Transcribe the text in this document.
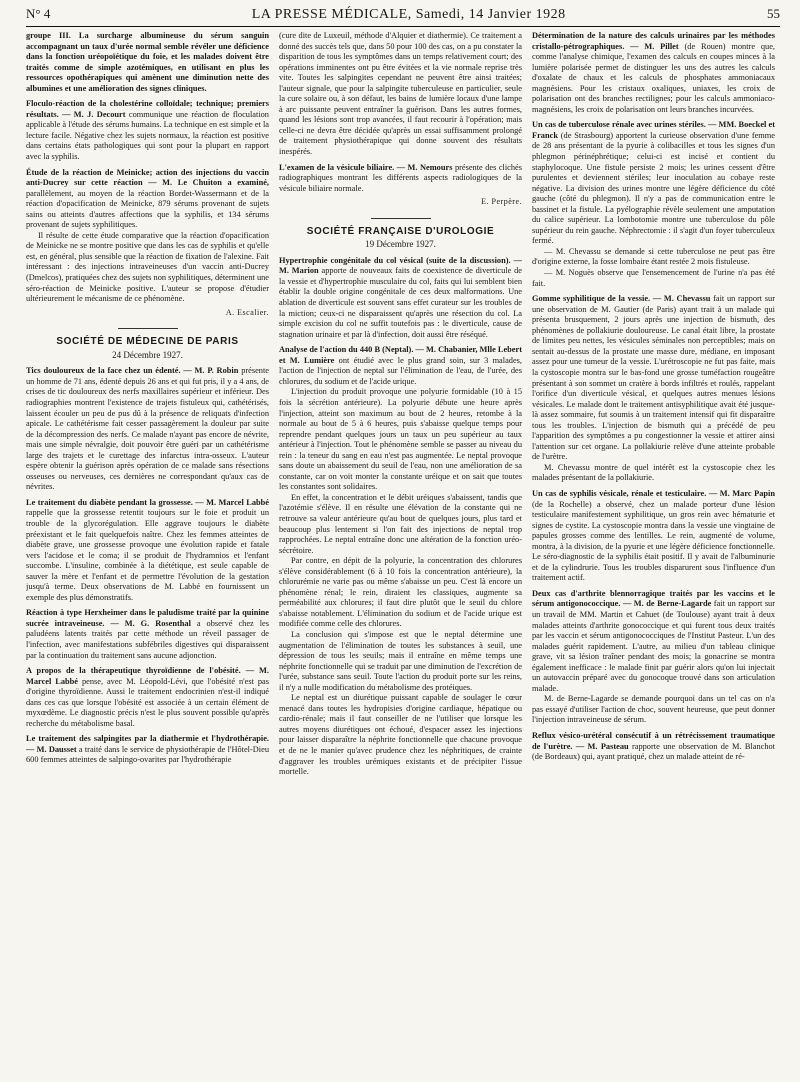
N° 4	LA PRESSE MÉDICALE, Samedi, 14 Janvier 1928	55

groupe III. La surcharge albumineuse du sérum sanguin accompagnant un taux d'urée normal semble révéler une déficience dans la fonction uréopoïétique du foie, et les malades doivent être traités comme de simple azotémiques, en utilisant en plus les ressources opothérapiques qui amènent une diminution nette des albumines et une amélioration des signes cliniques.

Floculo-réaction de la cholestérine colloïdale; technique; premiers résultats. — M. J. Decourt communique une réaction de floculation applicable à l'étude des sérums humains. La technique en est simple et la lecture facile. Négative chez les sujets normaux, la réaction est positive dans certains états pathologiques qui sont pour la plupart en rapport avec la syphilis.

Étude de la réaction de Meinicke; action des injections du vaccin anti-Ducrey sur cette réaction — M. Le Chuiton a examiné, parallèlement, au moyen de la réaction Bordet-Wassermann et de la réaction d'opacification de Meinicke, 879 sérums provenant de sujets sains ou atteints d'autres affections que la syphilis, et 134 sérums provenant de sujets syphilitiques.

Il résulte de cette étude comparative que la réaction d'opacification de Meinicke ne se montre positive que dans les cas de syphilis et qu'elle est, en général, plus sensible que la réaction de fixation de l'alexine. Fait intéressant : des injections intraveineuses d'un vaccin anti-Ducrey (Dmelcos), pratiquées chez des sujets non syphilitiques, déterminent une séro-réaction de Meinicke positive. L'auteur se propose d'étudier ultérieurement le mécanisme de ce phénomène.

A. Escalier.
SOCIÉTÉ DE MÉDECINE DE PARIS
24 Décembre 1927.

Tics douloureux de la face chez un édenté. — M. P. Robin présente un homme de 71 ans, édenté depuis 26 ans et qui fut pris, il y a 4 ans, de crises de tic douloureux des nerfs maxillaires supérieur et inférieur. Des radiographies montrent l'existence de trajets fistuleux qui, cathétérisés, laissent écouler un peu de pus dû à la présence de reliquats d'infection apicale. Le cathétérisme fait cesser passagèrement la douleur par suite de la décompression des nerfs. Ce malade n'ayant pas encore de névrite, mais une simple névralgie, doit pouvoir être guéri par un cathétérisme large des trajets et le curettage des infarctus intra-osseux. L'auteur espère obtenir la guérison après opération de ce malade sans résections osseuses ou nerveuses, ces dernières ne correspondant qu'aux cas de névrites.

Le traitement du diabète pendant la grossesse. — M. Marcel Labbé rappelle que la grossesse retentit toujours sur le foie et produit un trouble de la glycorégulation. Elle aggrave toujours le diabète préexistant et le fait quelquefois naître. Chez les femmes atteintes de diabète grave, une grossesse provoque une évolution rapide et fatale vers l'acidose et le coma; il se produit de l'hydramnios et l'enfant succombe. L'insuline, combinée à la diététique, est seule capable de sauver la mère et l'enfant et de permettre l'évolution de la gestation jusqu'à terme. Deux observations de M. Labbé en fournissent un exemple des plus démonstratifs.

Réaction à type Herxheimer dans le paludisme traité par la quinine sucrée intraveineuse. — M. G. Rosenthal a observé chez les paludéens latents traités par cette méthode un réveil passager de l'infection, avec manifestations subfébriles digestives qui disparaissent par la continuation du traitement sans aucune adjonction.

A propos de la thérapeutique thyroïdienne de l'obésité. — M. Marcel Labbé pense, avec M. Léopold-Lévi, que l'obésité n'est pas d'origine thyroïdienne. Aussi le traitement endocrinien n'est-il indiqué dans ces cas que lorsque l'obésité est associée à un certain élément de myxœdème. Le diagnostic précis n'est le plus souvent possible qu'après recherche du métabolisme basal.

Le traitement des salpingites par la diathermie et l'hydrothérapie. — M. Dausset a traité dans le service de physiothérapie de l'Hôtel-Dieu 600 femmes atteintes de salpingo-ovarites par l'hydrothérapie

(cure dite de Luxeuil, méthode d'Alquier et diathermie). Ce traitement a donné des succès tels que, dans 50 pour 100 des cas, on a pu constater la disparition de tous les symptômes dans un temps relativement court; des opérations imminentes ont pu être évitées et la vie normale reprise très vite. Toutes les salpingites cependant ne peuvent être ainsi traitées; l'auteur signale, que pour la salpingite tuberculeuse en particulier, seule la cure solaire ou, à son défaut, les bains de lumière locaux d'une lampe à arc puissante peuvent entraîner la guérison. Dans les autres formes, quand les lésions sont trop avancées, il faut recourir à l'opération; mais celle-ci ne devra être décidée qu'après un essai suffisamment prolongé de traitement physiothérapique qui donne souvent des résultats inespérés.

L'examen de la vésicule biliaire. — M. Nemours présente des clichés radiographiques montrant les différents aspects radiologiques de la vésicule biliaire normale.

E. Perpère.
SOCIÉTÉ FRANÇAISE D'UROLOGIE
19 Décembre 1927.

Hypertrophie congénitale du col vésical (suite de la discussion). — M. Marion apporte de nouveaux faits de coexistence de diverticule de la vessie et d'hypertrophie musculaire du col, faits qui lui semblent bien établir la double origine congénitale de ces deux malformations. Une ablation de diverticule est souvent sans effet curateur sur les troubles de la miction; ceux-ci ne disparaissent qu'après une résection du col. La simple excision du col ne suffit toutefois pas : le diverticule, cause de stagnation urinaire et par là d'infection, doit aussi être réséqué.

Analyse de l'action du 440 B (Neptal). — M. Chabanier, Mlle Lebert et M. Lumière ont étudié avec le plus grand soin, sur 3 malades, l'action de l'injection de neptal sur l'élimination de l'eau, de l'urée, des chlorures, du sodium et de l'acide urique.

L'injection du produit provoque une polyurie formidable (10 à 15 fois la sécrétion antérieure). La polyurie débute une heure après l'injection, atteint son maximum au bout de 2 heures, retombe à la normale au bout de 5 à 6 heures, puis s'abaisse quelque temps pour reprendre pendant quelques jours un taux un peu supérieur au taux antérieur à l'injection. Tout le phénomène semble se passer au niveau du rein : la teneur du sang en eau n'est pas augmentée. Le neptal provoque sans doute un abaissement du seuil de l'eau, non une amélioration de sa constante, car on voit monter la constante uréique et on sait que toutes les constantes sont solidaires.

En effet, la concentration et le débit uréiques s'abaissent, tandis que l'azotémie s'élève. Il en résulte une élévation de la constante qui ne retrouve sa valeur antérieure qu'au bout de quelques jours, plus tard et beaucoup plus lentement si l'on fait des injections de neptal trop rapprochées. Le neptal entraîne donc une altération de la fonction uréo-sécrétoire.

Par contre, en dépit de la polyurie, la concentration des chlorures s'élève considérablement (6 à 10 fois la concentration antérieure), la chlorurémie ne varie pas ou même s'abaisse un peu. C'est là encore un phénomène rénal; le rein, diraient les classiques, augmente sa perméabilité aux chlorures; il faut dire plutôt que le seuil du chlore s'abaisse notablement. L'élimination du sodium et de l'acide urique est modifiée comme celle des chlorures.

La conclusion qui s'impose est que le neptal détermine une augmentation de l'élimination de toutes les substances à seuil, une dépression de tous les seuils; mais il entraîne en même temps une néphrite fonctionnelle qui se traduit par une diminution de l'excrétion de l'urée, substance sans seuil. Toute l'action du produit porte sur les reins, il n'y a nulle modification du métabolisme des protéiques.

Le neptal est un diurétique puissant capable de soulager le cœur menacé dans toutes les hydropisies d'origine cardiaque, hépatique ou cardio-rénale; mais il faut conseiller de ne l'utiliser que lorsque les autres moyens diurétiques ont échoué, d'espacer assez les injections pour laisser disparaître la néphrite fonctionnelle que chacune provoque et de ne le manier qu'avec prudence chez les néphritiques, de crainte d'aggraver les troubles urémiques existants et de précipiter l'issue mortelle.

Détermination de la nature des calculs urinaires par les méthodes cristallo-pétrographiques. — M. Pillet (de Rouen) montre que, comme l'analyse chimique, l'examen des calculs en coupes minces à la lumière polarisée permet de distinguer les uns des autres les calculs d'oxalate de chaux et les calculs de phosphates ammoniacaux magnésiens. Pour les cristaux oxaliques, uniaxes, les croix de polarisation ont des branches rectilignes; pour les calculs ammoniaco-magnésiens, les croix de polarisation ont leurs branches incurvées.

Un cas de tuberculose rénale avec urines stériles. — MM. Boeckel et Franck (de Strasbourg) apportent la curieuse observation d'une femme de 28 ans présentant de la pyurie à colibacilles et tous les signes d'un phlegmon périnéphrétique; celui-ci est incisé et contient du staphylocoque. Une fistule persiste 2 mois; les urines cessent d'être purulentes et deviennent stériles; leur inoculation au cobaye reste négative. La division des urines montre une légère déficience du côté gauche (côté du phlegmon). Il n'y a pas de communication entre le bassinet et la fistule. La pyélographie révèle seulement une amputation du calice supérieur. La lombotomie montre une tuberculose du pôle supérieur du rein gauche. Néphrectomie : il s'agit d'un foyer tuberculeux fermé.

— M. Chevassu se demande si cette tuberculose ne peut pas être d'origine externe, la fosse lombaire étant restée 2 mois fistuleuse.

— M. Noguès observe que l'ensemencement de l'urine n'a pas été fait.

Gomme syphilitique de la vessie. — M. Chevassu fait un rapport sur une observation de M. Gautier (de Paris) ayant trait à un malade qui présenta brusquement, 2 jours après une injection de bismuth, des phénomènes de pollakiurie douloureuse. Le canal était libre, la prostate de limites peu nettes, les vésicules séminales non perceptibles; mais on sentait au-dessus de la prostate une masse dure, médiane, en imposant assez pour une tumeur de la vessie. L'urétroscopie ne fut pas faite, mais la cystoscopie montra sur le bas-fond une grosse tuméfaction rougeâtre présentant à son sommet un cratère à bords infiltrés et roulés, rappelant l'orifice d'un diverticule vésical, et quelques autres menues lésions vésicales. Le malade dont le traitement antisyphilitique avait été jusque-là assez sommaire, fut soumis à un traitement intensif qui fit disparaître tous les troubles. L'injection de bismuth qui a précédé de peu l'apparition des symptômes a pu congestionner la vessie et attirer ainsi l'attention sur cet organe. La pollakiurie relève d'une atteinte probable de l'urètre.

M. Chevassu montre de quel intérêt est la cystoscopie chez les malades présentant de la pollakiurie.

Un cas de syphilis vésicale, rénale et testiculaire. — M. Marc Papin (de la Rochelle) a observé, chez un malade porteur d'une lésion testiculaire manifestement syphilitique, un gros rein avec hématurie et signes de cystite. La cystoscopie montra dans la vessie une vingtaine de papules grosses comme des lentilles. Le rein, augmenté de volume, montra, à la division, de la pyurie et une légère déficience fonctionnelle. Le séro-diagnostic de la syphilis était positif. Il y avait de l'albuminurie et de la cylindrurie. Tous les troubles disparurent sous l'influence d'un traitement actif.

Deux cas d'arthrite blennorragique traités par les vaccins et le sérum antigonococcique. — M. de Berne-Lagarde fait un rapport sur un travail de MM. Martin et Cahuet (de Toulouse) ayant trait à deux malades atteints d'arthrite gonococcique et qui furent tous deux traités par les vaccin et sérum antigonococciques de l'Institut Pasteur. L'un des malades guérit rapidement. L'autre, au milieu d'un tableau clinique grave, vit sa lésion traîner pendant des mois; la gonacrine se montra également inefficace : le malade finit par guérir alors qu'on lui injectait un autovaccin préparé avec du gonocoque trouvé dans son articulation malade.

M. de Berne-Lagarde se demande pourquoi dans un tel cas on n'a pas essayé d'utiliser l'action de choc, souvent heureuse, que peut donner l'injection intraveineuse de sérum.

Reflux vésico-urétéral consécutif à un rétrécissement traumatique de l'urètre. — M. Pasteau rapporte une observation de M. Blanchot (de Bordeaux) qui, ayant pratiqué, chez un malade atteint de ré-
